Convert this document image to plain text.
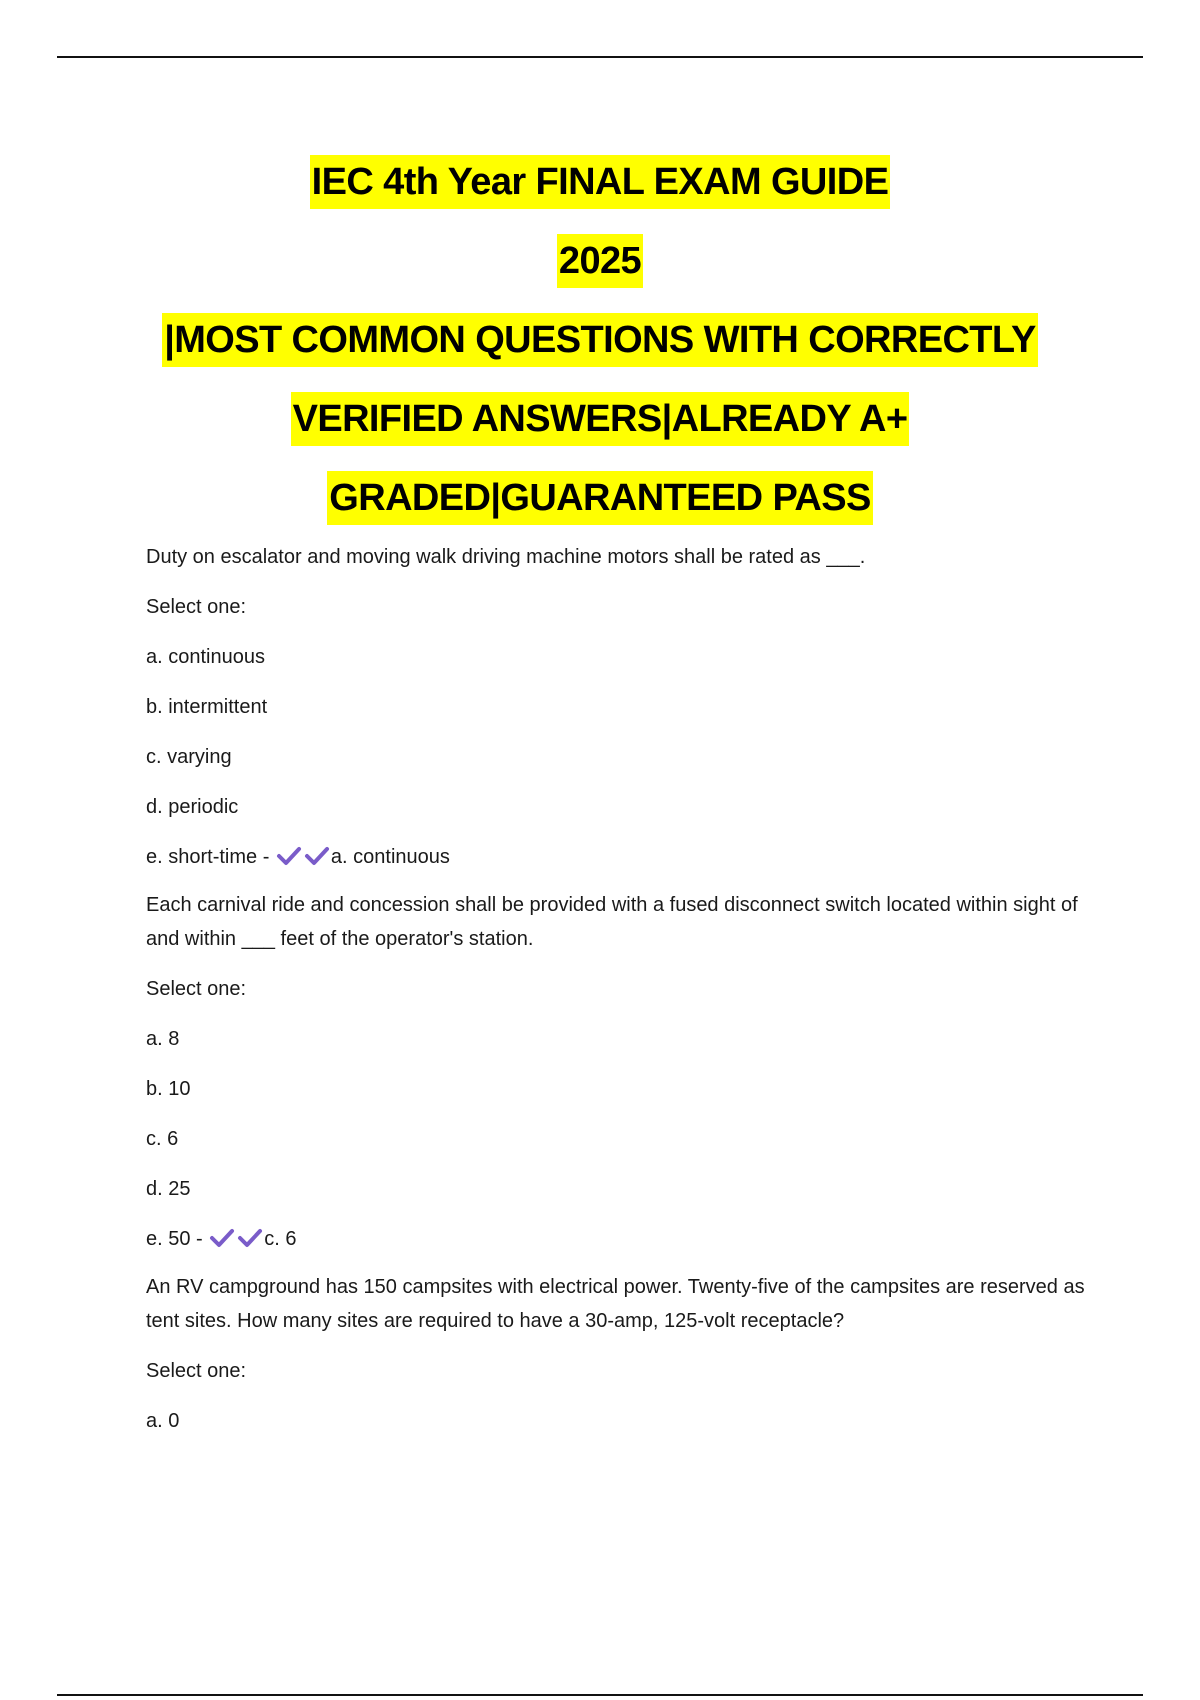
IEC 4th Year FINAL EXAM GUIDE
2025
|MOST COMMON QUESTIONS WITH CORRECTLY
VERIFIED ANSWERS|ALREADY A+
GRADED|GUARANTEED PASS

Duty on escalator and moving walk driving machine motors shall be rated as ___.

Select one:

a. continuous

b. intermittent

c. varying

d. periodic

e. short-time -	a. continuous

Each carnival ride and concession shall be provided with a fused disconnect switch located within sight of and within ___ feet of the operator's station.

Select one:

a. 8

b. 10

c. 6

d. 25

e. 50 -	c. 6

An RV campground has 150 campsites with electrical power. Twenty-five of the campsites are reserved as tent sites. How many sites are required to have a 30-amp, 125-volt receptacle?

Select one:

a. 0
